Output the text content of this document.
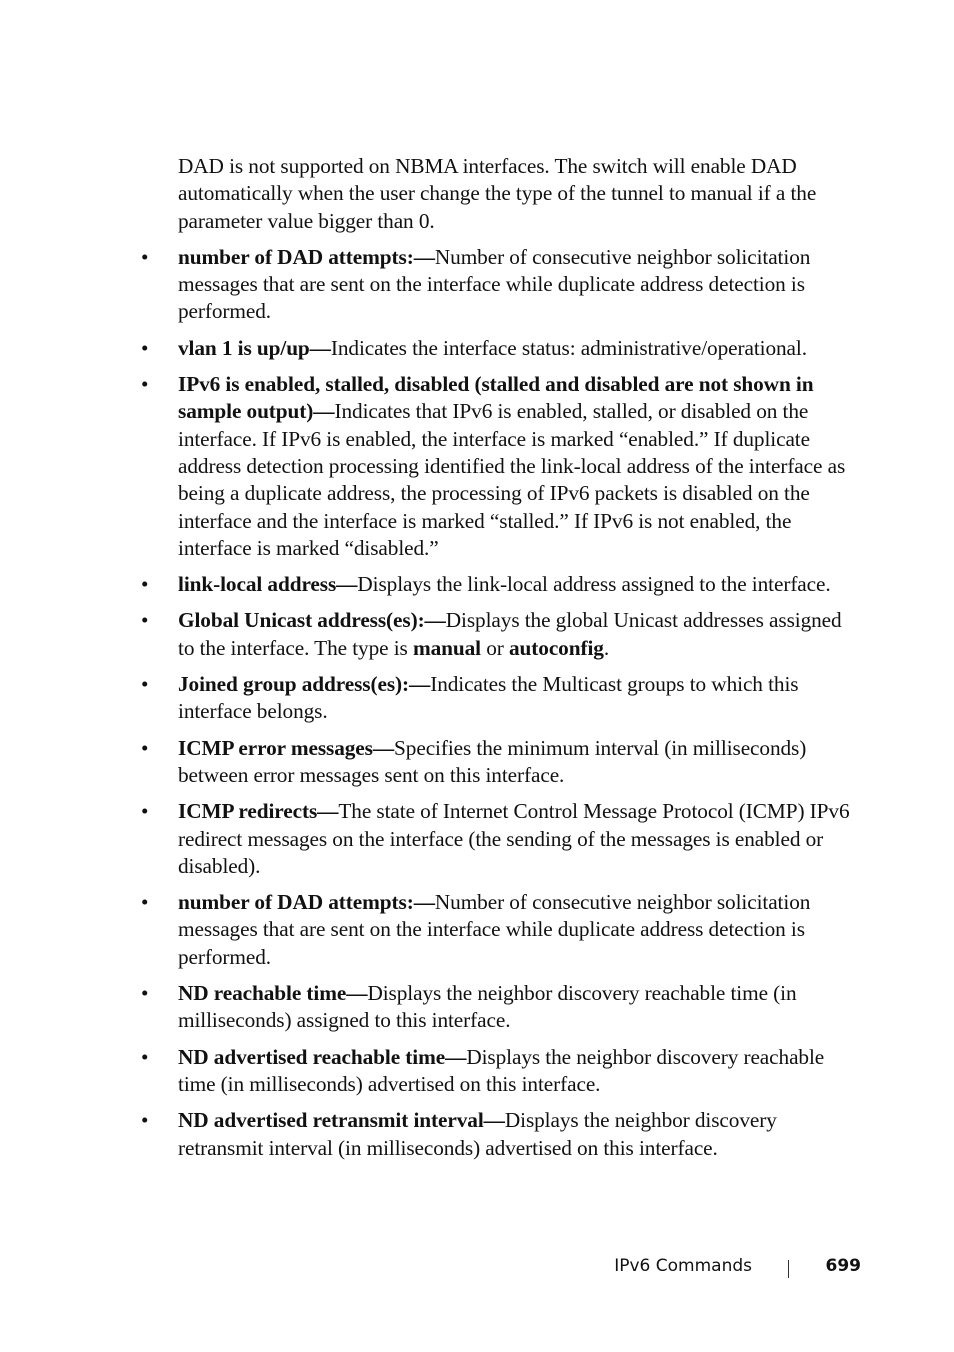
DAD is not supported on NBMA interfaces. The switch will enable DAD automatically when the user change the type of the tunnel to manual if a the parameter value bigger than 0.

• number of DAD attempts:—Number of consecutive neighbor solicitation messages that are sent on the interface while duplicate address detection is performed.
• vlan 1 is up/up—Indicates the interface status: administrative/operational.
• IPv6 is enabled, stalled, disabled (stalled and disabled are not shown in sample output)—Indicates that IPv6 is enabled, stalled, or disabled on the interface. If IPv6 is enabled, the interface is marked “enabled.” If duplicate address detection processing identified the link-local address of the interface as being a duplicate address, the processing of IPv6 packets is disabled on the interface and the interface is marked “stalled.” If IPv6 is not enabled, the interface is marked “disabled.”
• link-local address—Displays the link-local address assigned to the interface.
• Global Unicast address(es):—Displays the global Unicast addresses assigned to the interface. The type is manual or autoconfig.
• Joined group address(es):—Indicates the Multicast groups to which this interface belongs.
• ICMP error messages—Specifies the minimum interval (in milliseconds) between error messages sent on this interface.
• ICMP redirects—The state of Internet Control Message Protocol (ICMP) IPv6 redirect messages on the interface (the sending of the messages is enabled or disabled).
• number of DAD attempts:—Number of consecutive neighbor solicitation messages that are sent on the interface while duplicate address detection is performed.
• ND reachable time—Displays the neighbor discovery reachable time (in milliseconds) assigned to this interface.
• ND advertised reachable time—Displays the neighbor discovery reachable time (in milliseconds) advertised on this interface.
• ND advertised retransmit interval—Displays the neighbor discovery retransmit interval (in milliseconds) advertised on this interface.
IPv6 Commands	699
